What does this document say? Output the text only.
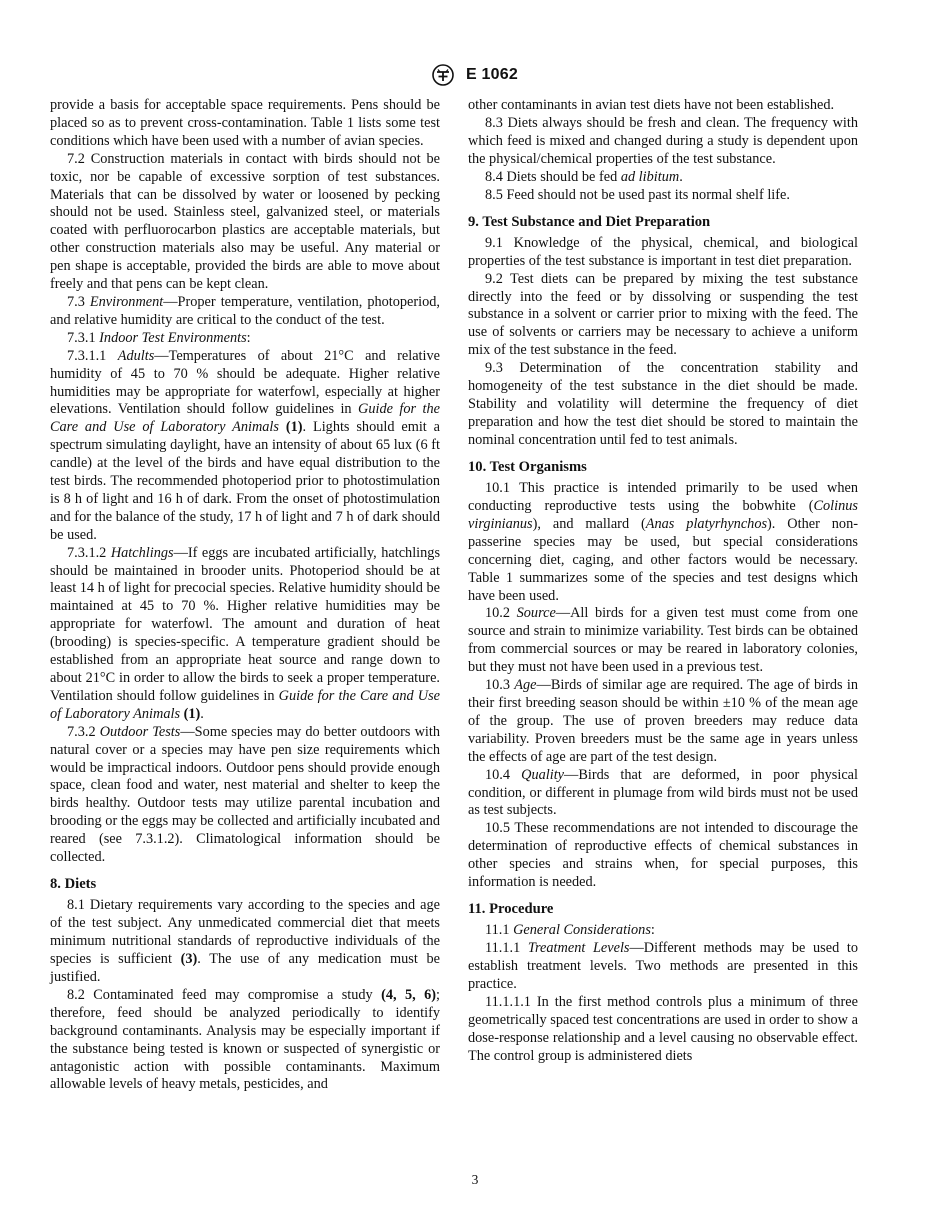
E 1062

provide a basis for acceptable space requirements. Pens should be placed so as to prevent cross-contamination. Table 1 lists some test conditions which have been used with a number of avian species.

7.2 Construction materials in contact with birds should not be toxic, nor be capable of excessive sorption of test substances. Materials that can be dissolved by water or loosened by pecking should not be used. Stainless steel, galvanized steel, or materials coated with perfluorocarbon plastics are acceptable materials, but other construction materials also may be useful. Any material or pen shape is acceptable, provided the birds are able to move about freely and that pens can be kept clean.

7.3 Environment—Proper temperature, ventilation, photoperiod, and relative humidity are critical to the conduct of the test.

7.3.1 Indoor Test Environments:

7.3.1.1 Adults—Temperatures of about 21°C and relative humidity of 45 to 70 % should be adequate. Higher relative humidities may be appropriate for waterfowl, especially at higher elevations. Ventilation should follow guidelines in Guide for the Care and Use of Laboratory Animals (1). Lights should emit a spectrum simulating daylight, have an intensity of about 65 lux (6 ft candle) at the level of the birds and have equal distribution to the test birds. The recommended photoperiod prior to photostimulation is 8 h of light and 16 h of dark. From the onset of photostimulation and for the balance of the study, 17 h of light and 7 h of dark should be used.

7.3.1.2 Hatchlings—If eggs are incubated artificially, hatchlings should be maintained in brooder units. Photoperiod should be at least 14 h of light for precocial species. Relative humidity should be maintained at 45 to 70 %. Higher relative humidities may be appropriate for waterfowl. The amount and duration of heat (brooding) is species-specific. A temperature gradient should be established from an appropriate heat source and range down to about 21°C in order to allow the birds to seek a proper temperature. Ventilation should follow guidelines in Guide for the Care and Use of Laboratory Animals (1).

7.3.2 Outdoor Tests—Some species may do better outdoors with natural cover or a species may have pen size requirements which would be impractical indoors. Outdoor pens should provide enough space, clean food and water, nest material and shelter to keep the birds healthy. Outdoor tests may utilize parental incubation and brooding or the eggs may be collected and artificially incubated and reared (see 7.3.1.2). Climatological information should be collected.

8. Diets

8.1 Dietary requirements vary according to the species and age of the test subject. Any unmedicated commercial diet that meets minimum nutritional standards of reproductive individuals of the species is sufficient (3). The use of any medication must be justified.

8.2 Contaminated feed may compromise a study (4, 5, 6); therefore, feed should be analyzed periodically to identify background contaminants. Analysis may be especially important if the substance being tested is known or suspected of synergistic or antagonistic action with possible contaminants. Maximum allowable levels of heavy metals, pesticides, and

other contaminants in avian test diets have not been established.

8.3 Diets always should be fresh and clean. The frequency with which feed is mixed and changed during a study is dependent upon the physical/chemical properties of the test substance.

8.4 Diets should be fed ad libitum.

8.5 Feed should not be used past its normal shelf life.

9. Test Substance and Diet Preparation

9.1 Knowledge of the physical, chemical, and biological properties of the test substance is important in test diet preparation.

9.2 Test diets can be prepared by mixing the test substance directly into the feed or by dissolving or suspending the test substance in a solvent or carrier prior to mixing with the feed. The use of solvents or carriers may be necessary to achieve a uniform mix of the test substance in the feed.

9.3 Determination of the concentration stability and homogeneity of the test substance in the diet should be made. Stability and volatility will determine the frequency of diet preparation and how the test diet should be stored to maintain the nominal concentration until fed to test animals.

10. Test Organisms

10.1 This practice is intended primarily to be used when conducting reproductive tests using the bobwhite (Colinus virginianus), and mallard (Anas platyrhynchos). Other non-passerine species may be used, but special considerations concerning diet, caging, and other factors would be necessary. Table 1 summarizes some of the species and test designs which have been used.

10.2 Source—All birds for a given test must come from one source and strain to minimize variability. Test birds can be obtained from commercial sources or may be reared in laboratory colonies, but they must not have been used in a previous test.

10.3 Age—Birds of similar age are required. The age of birds in their first breeding season should be within ±10 % of the mean age of the group. The use of proven breeders may reduce data variability. Proven breeders must be the same age in years unless the effects of age are part of the test design.

10.4 Quality—Birds that are deformed, in poor physical condition, or different in plumage from wild birds must not be used as test subjects.

10.5 These recommendations are not intended to discourage the determination of reproductive effects of chemical substances in other species and strains when, for special purposes, this information is needed.

11. Procedure

11.1 General Considerations:

11.1.1 Treatment Levels—Different methods may be used to establish treatment levels. Two methods are presented in this practice.

11.1.1.1 In the first method controls plus a minimum of three geometrically spaced test concentrations are used in order to show a dose-response relationship and a level causing no observable effect. The control group is administered diets

3
